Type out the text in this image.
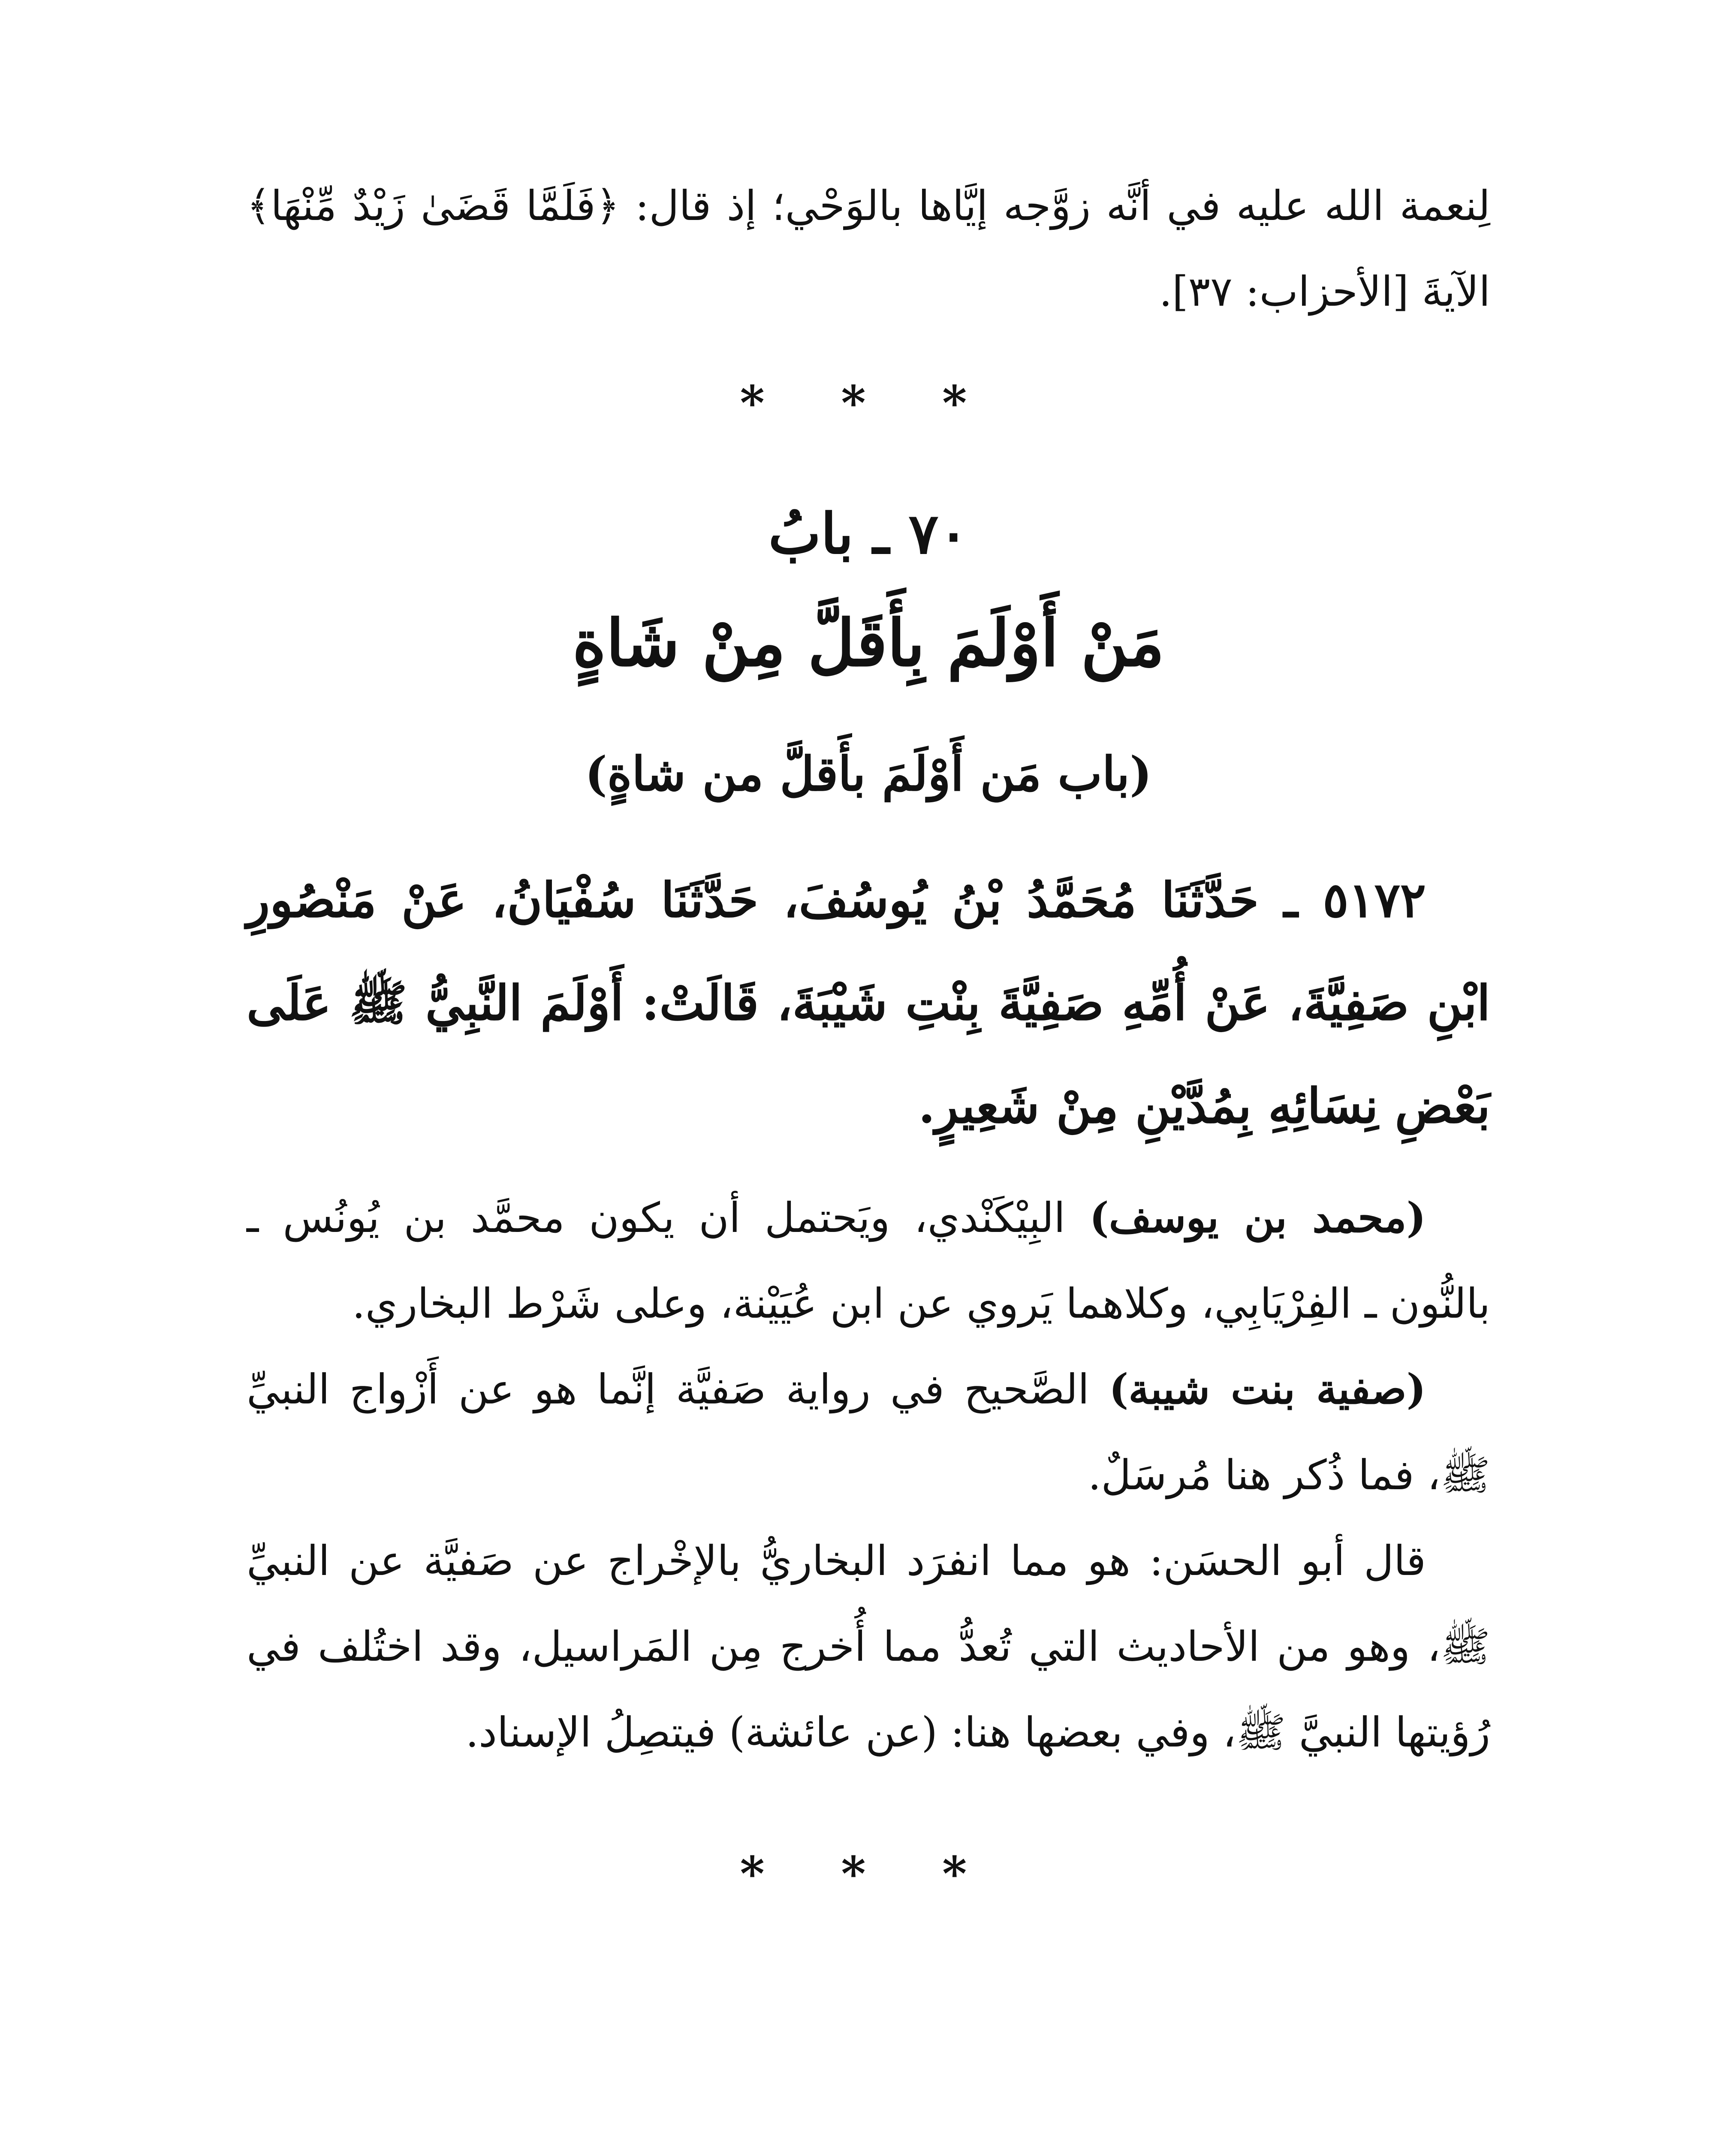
لِنعمة الله عليه في أنَّه زوَّجه إيَّاها بالوَحْي؛ إذ قال: ﴿فَلَمَّا قَضَىٰ زَيْدٌ مِّنْهَا﴾ الآيةَ [الأحزاب: ٣٧].

* * *

٧٠ ـ بابُ

مَنْ أَوْلَمَ بِأَقَلَّ مِنْ شَاةٍ

(باب مَن أَوْلَمَ بأَقلَّ من شاةٍ)

٥١٧٢ ـ حَدَّثَنَا مُحَمَّدُ بْنُ يُوسُفَ، حَدَّثَنَا سُفْيَانُ، عَنْ مَنْصُورِ ابْنِ صَفِيَّةَ، عَنْ أُمِّهِ صَفِيَّةَ بِنْتِ شَيْبَةَ، قَالَتْ: أَوْلَمَ النَّبِيُّ ﷺ عَلَى بَعْضِ نِسَائِهِ بِمُدَّيْنِ مِنْ شَعِيرٍ.

(محمد بن يوسف) البِيْكَنْدي، ويَحتمل أن يكون محمَّد بن يُونُس ـ بالنُّون ـ الفِرْيَابِي، وكلاهما يَروي عن ابن عُيَيْنة، وعلى شَرْط البخاري.

(صفية بنت شيبة) الصَّحيح في رواية صَفيَّة إنَّما هو عن أَزْواج النبيِّ ﷺ، فما ذُكر هنا مُرسَلٌ.

قال أبو الحسَن: هو مما انفرَد البخاريُّ بالإخْراج عن صَفيَّة عن النبيِّ ﷺ، وهو من الأحاديث التي تُعدُّ مما أُخرج مِن المَراسيل، وقد اختُلف في رُؤيتها النبيَّ ﷺ، وفي بعضها هنا: (عن عائشة) فيتصِلُ الإسناد.

* * *
